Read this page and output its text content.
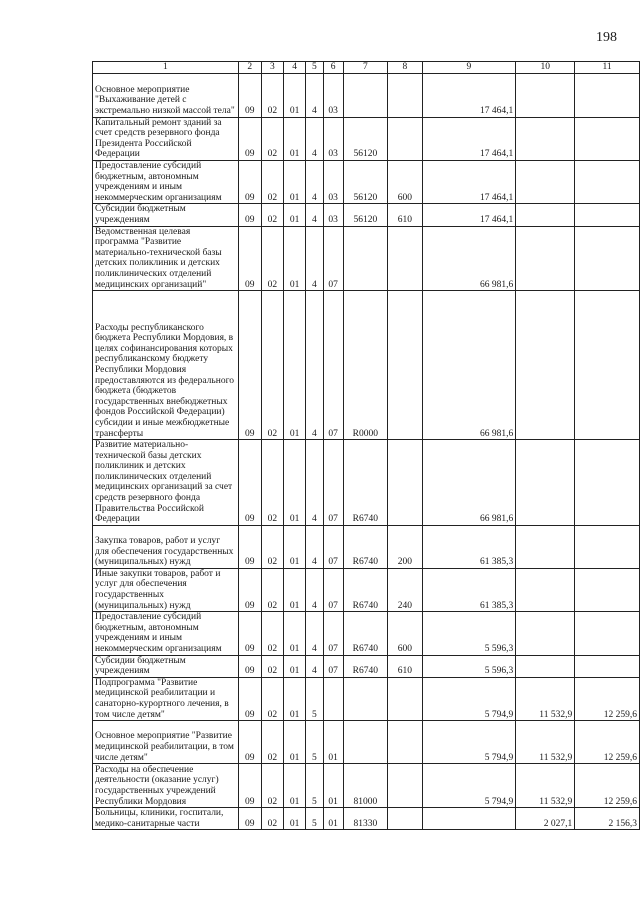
198
1	2	3	4	5	6	7	8	9	10	11
Основное мероприятие "Выхаживание детей с экстремально низкой массой тела"	09	02	01	4	03			17 464,1		
Капитальный ремонт зданий за счет средств резервного фонда Президента Российской Федерации	09	02	01	4	03	56120		17 464,1		
Предоставление субсидий бюджетным, автономным учреждениям и иным некоммерческим организациям	09	02	01	4	03	56120	600	17 464,1		
Субсидии бюджетным учреждениям	09	02	01	4	03	56120	610	17 464,1		
Ведомственная целевая программа "Развитие материально-технической базы детских поликлиник и детских поликлинических отделений медицинских организаций"	09	02	01	4	07			66 981,6		
Расходы республиканского бюджета Республики Мордовия, в целях софинансирования которых республиканскому бюджету Республики Мордовия предоставляются из федерального бюджета (бюджетов государственных внебюджетных фондов Российской Федерации) субсидии и иные межбюджетные трансферты	09	02	01	4	07	R0000		66 981,6		
Развитие материально-технической базы детских поликлиник и детских поликлинических отделений медицинских организаций за счет средств резервного фонда Правительства Российской Федерации	09	02	01	4	07	R6740		66 981,6		
Закупка товаров, работ и услуг для обеспечения государственных (муниципальных) нужд	09	02	01	4	07	R6740	200	61 385,3		
Иные закупки товаров, работ и услуг для обеспечения государственных (муниципальных) нужд	09	02	01	4	07	R6740	240	61 385,3		
Предоставление субсидий бюджетным, автономным учреждениям и иным некоммерческим организациям	09	02	01	4	07	R6740	600	5 596,3		
Субсидии бюджетным учреждениям	09	02	01	4	07	R6740	610	5 596,3		
Подпрограмма "Развитие медицинской реабилитации и санаторно-курортного лечения, в том числе детям"	09	02	01	5				5 794,9	11 532,9	12 259,6
Основное мероприятие "Развитие медицинской реабилитации, в том числе детям"	09	02	01	5	01			5 794,9	11 532,9	12 259,6
Расходы на обеспечение деятельности (оказание услуг) государственных учреждений Республики Мордовия	09	02	01	5	01	81000		5 794,9	11 532,9	12 259,6
Больницы, клиники, госпитали, медико-санитарные части	09	02	01	5	01	81330			2 027,1	2 156,3
